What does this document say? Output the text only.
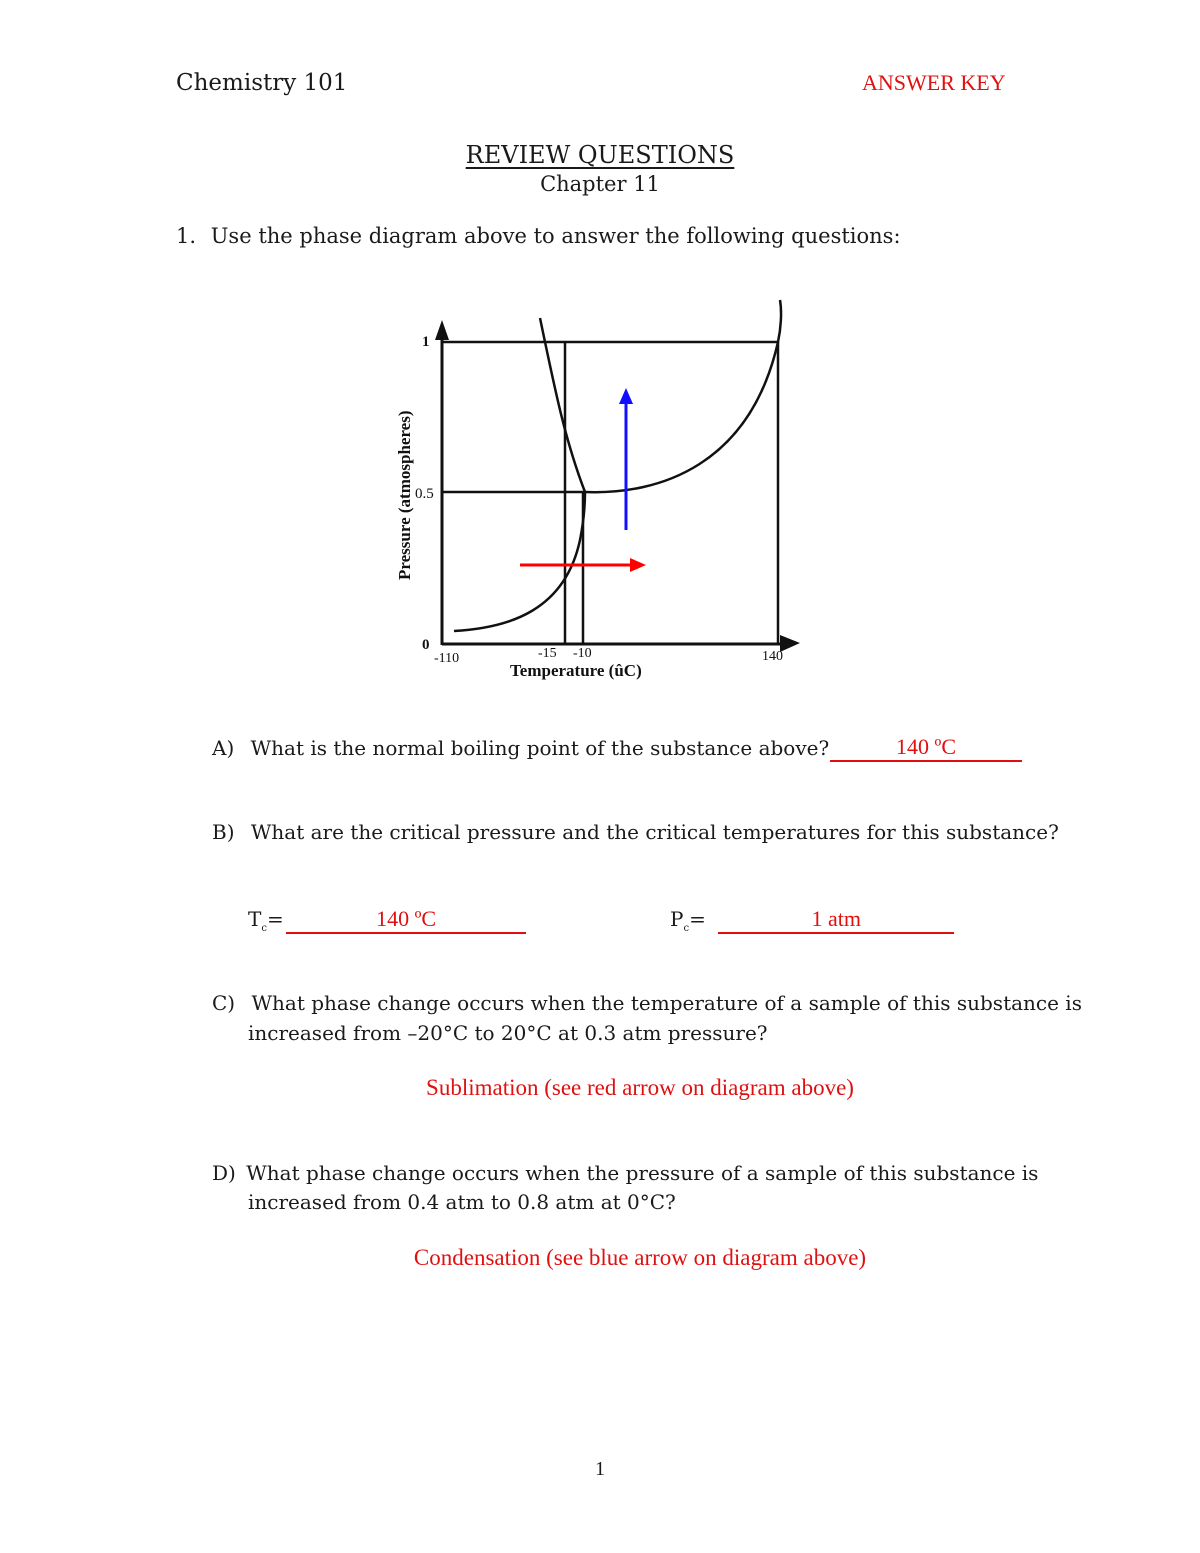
Chemistry 101	ANSWER KEY
REVIEW QUESTIONS
Chapter 11
1. Use the phase diagram above to answer the following questions:
1
0.5
0
-110	-15 -10	140
Temperature (ûC)
Pressure (atmospheres)
A) What is the normal boiling point of the substance above?	140 ºC
B) What are the critical pressure and the critical temperatures for this substance?
$T_c=$	140 ºC	$P_c=$	1 atm
C) What phase change occurs when the temperature of a sample of this substance is
increased from –20°C to 20°C at 0.3 atm pressure?
Sublimation (see red arrow on diagram above)
D) What phase change occurs when the pressure of a sample of this substance is
increased from 0.4 atm to 0.8 atm at 0°C?
Condensation (see blue arrow on diagram above)
1
